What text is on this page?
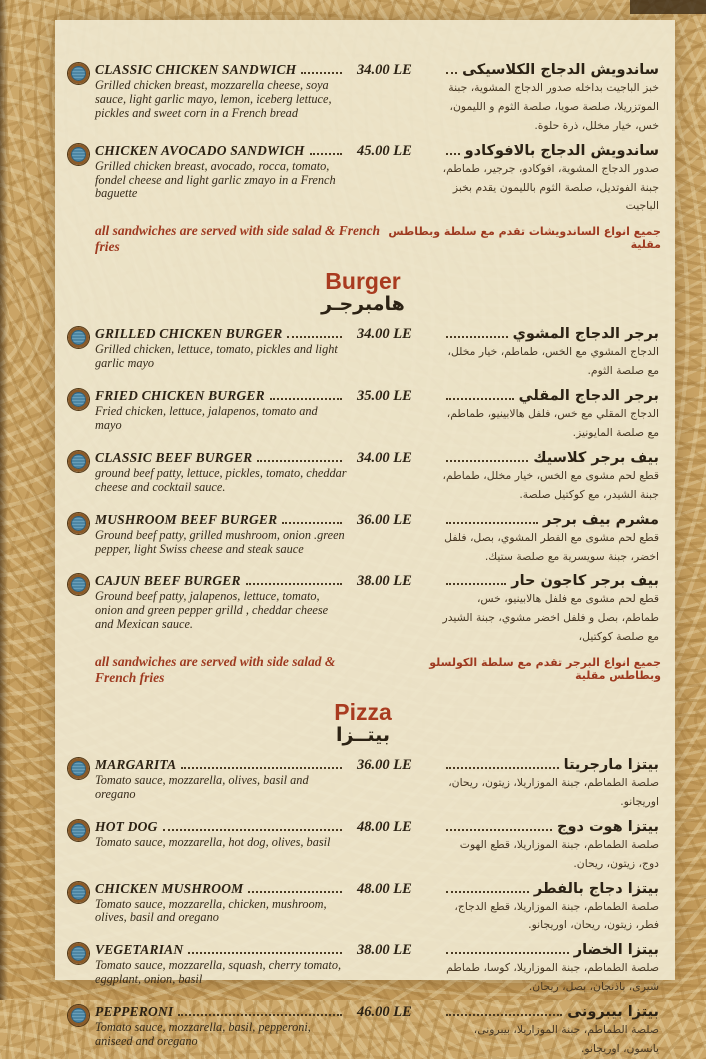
CLASSIC CHICKEN SANDWICH
Grilled chicken breast, mozzarella cheese, soya sauce, light garlic mayo, lemon, iceberg lettuce, pickles and sweet corn in a French bread
34.00 LE	ساندويش الدجاج الكلاسيكى
خبز الباجيت بداخله صدور الدجاج المشوية، جبنة الموتزريلا، صلصة صويا، صلصة الثوم و الليمون، خس، خيار مخلل، ذرة حلوة.
CHICKEN AVOCADO SANDWICH
Grilled chicken breast, avocado, rocca, tomato, fondel cheese and light garlic zmayo in a French baguette
45.00 LE	ساندويش الدجاج بالافوكادو
صدور الدجاج المشوية، افوكادو، جرجير، طماطم، جبنة الفوتديل، صلصة الثوم بالليمون يقدم بخبز الباجيت
all sandwiches are served with side salad & French fries
جميع انواع الساندويشات تقدم مع سلطة وبطاطس مقلية
Burger
هامبرجـر
GRILLED CHICKEN BURGER
Grilled chicken, lettuce, tomato, pickles and light garlic mayo
34.00 LE	برجر الدجاج المشوي
الدجاج المشوي مع الخس، طماطم، خيار مخلل، مع صلصة الثوم.
FRIED CHICKEN BURGER
Fried chicken, lettuce, jalapenos, tomato and mayo
35.00 LE	برجر الدجاج المقلي
الدجاج المقلي مع خس، فلفل هالابينيو، طماطم، مع صلصة المايونيز.
CLASSIC BEEF BURGER
ground beef patty, lettuce, pickles, tomato, cheddar cheese and cocktail sauce.
34.00 LE	بيف برجر كلاسيك
قطع لحم مشوى مع الخس، خيار مخلل، طماطم، جبنة الشيدر، مع كوكتيل صلصة.
MUSHROOM BEEF BURGER
Ground beef patty, grilled mushroom, onion .green pepper, light Swiss cheese and steak sauce
36.00 LE	مشرم بيف برجر
قطع لحم مشوى مع الفطر المشوي، بصل، فلفل اخضر، جبنة سويسرية مع صلصة ستيك.
CAJUN BEEF BURGER
Ground beef patty, jalapenos, lettuce, tomato, onion and green pepper grilld , cheddar cheese and Mexican sauce.
38.00 LE	بيف برجر كاجون حار
قطع لحم مشوى مع فلفل هالابينيو، خس، طماطم، بصل و فلفل اخضر مشوي، جبنة الشيدر مع صلصة كوكتيل،
all sandwiches are served with side salad & French fries
جميع انواع البرجر تقدم مع سلطة الكولسلو وبطاطس مقلية
Pizza
بيتــزا
MARGARITA
Tomato sauce, mozzarella, olives, basil and oregano
36.00 LE	بيتزا مارجريتا
صلصة الطماطم، جبنة الموزاريلا، زيتون، ريحان، اوريجانو.
HOT DOG
Tomato sauce, mozzarella, hot dog, olives, basil
48.00 LE	بيتزا هوت دوج
صلصة الطماطم، جبنة الموزاريلا، قطع الهوت دوج، زيتون، ريحان.
CHICKEN MUSHROOM
Tomato sauce, mozzarella, chicken, mushroom, olives, basil and oregano
48.00 LE	بيتزا دجاج بالفطر
صلصة الطماطم، جبنة الموزاريلا، قطع الدجاج، فطر، زيتون، ريحان، اوريجانو.
VEGETARIAN
Tomato sauce, mozzarella, squash, cherry tomato, eggplant, onion, basil
38.00 LE	بيتزا الخضار
صلصة الطماطم، جبنة الموزاريلا، كوسا، طماطم شيرى، باذنجان، بصل، ريحان.
PEPPERONI
Tomato sauce, mozzarella, basil, pepperoni, aniseed and oregano
46.00 LE	بيتزا بيبرونى
صلصة الطماطم، جبنة الموزاريلا، بيبرونى، يانسون، اوريجانو.
